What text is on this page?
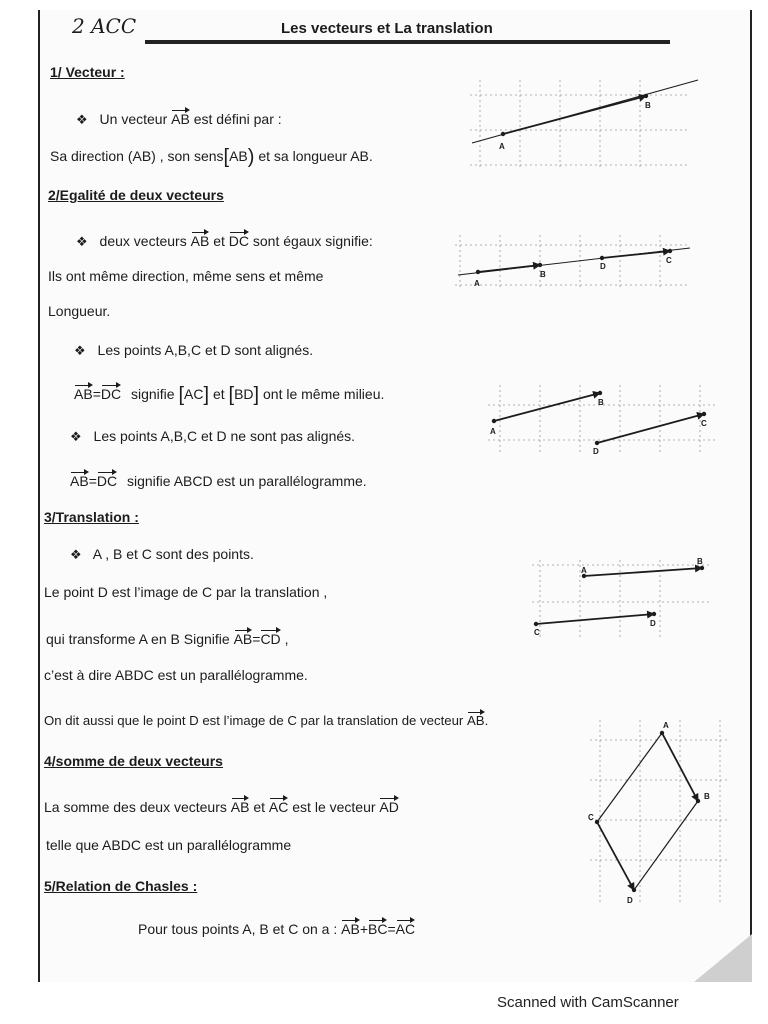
2 ACC	Les vecteurs et La translation
1/ Vecteur :
❖ Un vecteur AB est défini par :
Sa direction (AB) , son sens[AB) et sa longueur AB.
2/Egalité de deux vecteurs
❖ deux vecteurs AB et DC sont égaux signifie:
Ils ont même direction, même sens et même
Longueur.
❖ Les points A,B,C et D sont alignés.
AB=DC signifie [AC] et [BD] ont le même milieu.
❖ Les points A,B,C et D ne sont pas alignés.
AB=DC signifie ABCD est un parallélogramme.
3/Translation :
❖ A , B et C sont des points.
Le point D est l’image de C par la translation ,
qui transforme A en B Signifie AB=CD ,
c’est à dire ABDC est un parallélogramme.
On dit aussi que le point D est l’image de C par la translation de vecteur AB.
4/somme de deux vecteurs
La somme des deux vecteurs AB et AC est le vecteur AD
telle que ABDC est un parallélogramme
5/Relation de Chasles :
Pour tous points A, B et C on a : AB+BC=AC
A
B
A
B
D
C
A
B
C
D
A
B
C
D
A
B
C
D
Scanned with CamScanner
